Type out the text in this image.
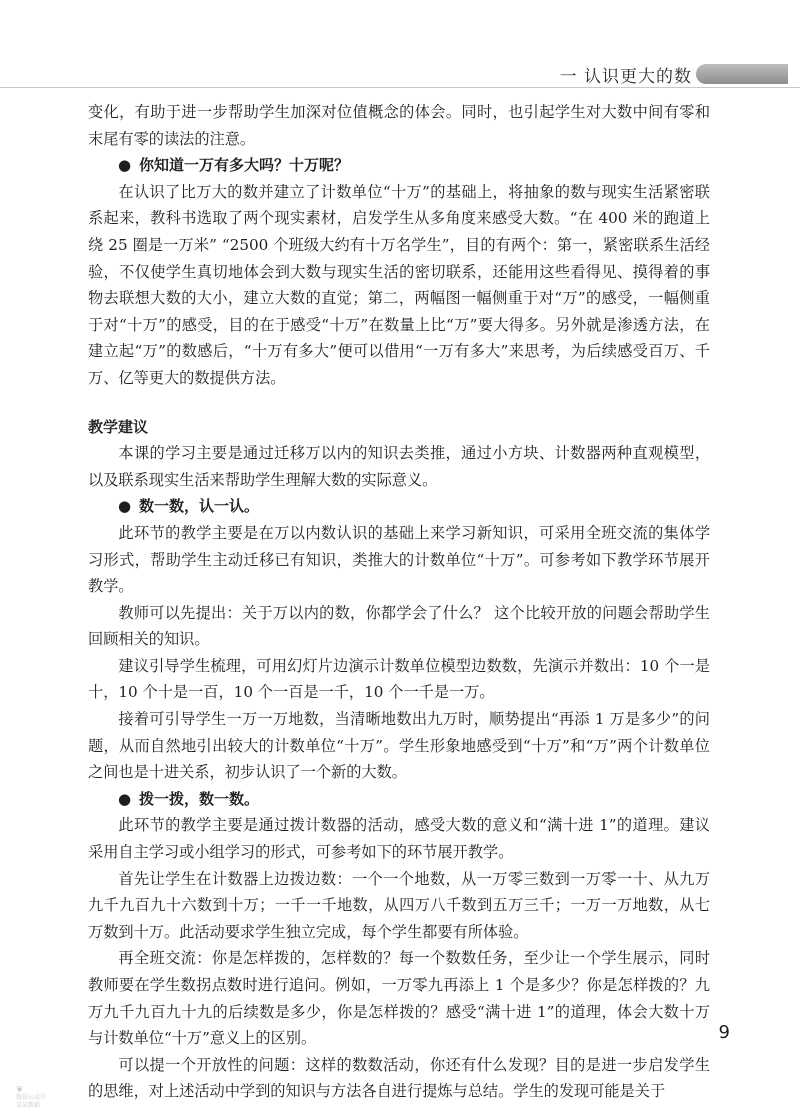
一 认识更大的数

变化，有助于进一步帮助学生加深对位值概念的体会。同时，也引起学生对大数中间有零和末尾有零的读法的注意。

● 你知道一万有多大吗？十万呢？

在认识了比万大的数并建立了计数单位“十万”的基础上，将抽象的数与现实生活紧密联系起来，教科书选取了两个现实素材，启发学生从多角度来感受大数。“在 400 米的跑道上绕 25 圈是一万米” “2500 个班级大约有十万名学生”，目的有两个：第一，紧密联系生活经验，不仅使学生真切地体会到大数与现实生活的密切联系，还能用这些看得见、摸得着的事物去联想大数的大小，建立大数的直觉；第二，两幅图一幅侧重于对“万”的感受，一幅侧重于对“十万”的感受，目的在于感受“十万”在数量上比“万”要大得多。另外就是渗透方法，在建立起“万”的数感后，“十万有多大”便可以借用“一万有多大”来思考，为后续感受百万、千万、亿等更大的数提供方法。

教学建议

本课的学习主要是通过迁移万以内的知识去类推，通过小方块、计数器两种直观模型，以及联系现实生活来帮助学生理解大数的实际意义。

● 数一数，认一认。

此环节的教学主要是在万以内数认识的基础上来学习新知识，可采用全班交流的集体学习形式，帮助学生主动迁移已有知识，类推大的计数单位“十万”。可参考如下教学环节展开教学。

教师可以先提出：关于万以内的数，你都学会了什么？ 这个比较开放的问题会帮助学生回顾相关的知识。

建议引导学生梳理，可用幻灯片边演示计数单位模型边数数，先演示并数出：10 个一是十，10 个十是一百，10 个一百是一千，10 个一千是一万。

接着可引导学生一万一万地数，当清晰地数出九万时，顺势提出“再添 1 万是多少”的问题，从而自然地引出较大的计数单位“十万”。学生形象地感受到“十万”和“万”两个计数单位之间也是十进关系，初步认识了一个新的大数。

● 拨一拨，数一数。

此环节的教学主要是通过拨计数器的活动，感受大数的意义和“满十进 1”的道理。建议采用自主学习或小组学习的形式，可参考如下的环节展开教学。

首先让学生在计数器上边拨边数：一个一个地数，从一万零三数到一万零一十、从九万九千九百九十六数到十万；一千一千地数，从四万八千数到五万三千；一万一万地数，从七万数到十万。此活动要求学生独立完成，每个学生都要有所体验。

再全班交流：你是怎样拨的，怎样数的？每一个数数任务，至少让一个学生展示，同时教师要在学生数拐点数时进行追问。例如，一万零九再添上 1 个是多少？你是怎样拨的？九万九千九百九十九的后续数是多少，你是怎样拨的？感受“满十进 1”的道理，体会大数十万与计数单位“十万”意义上的区别。

可以提一个开放性的问题：这样的数数活动，你还有什么发现？目的是进一步启发学生的思维，对上述活动中学到的知识与方法各自进行提炼与总结。学生的发现可能是关于

9
❦
微信公众号
某某教辅
